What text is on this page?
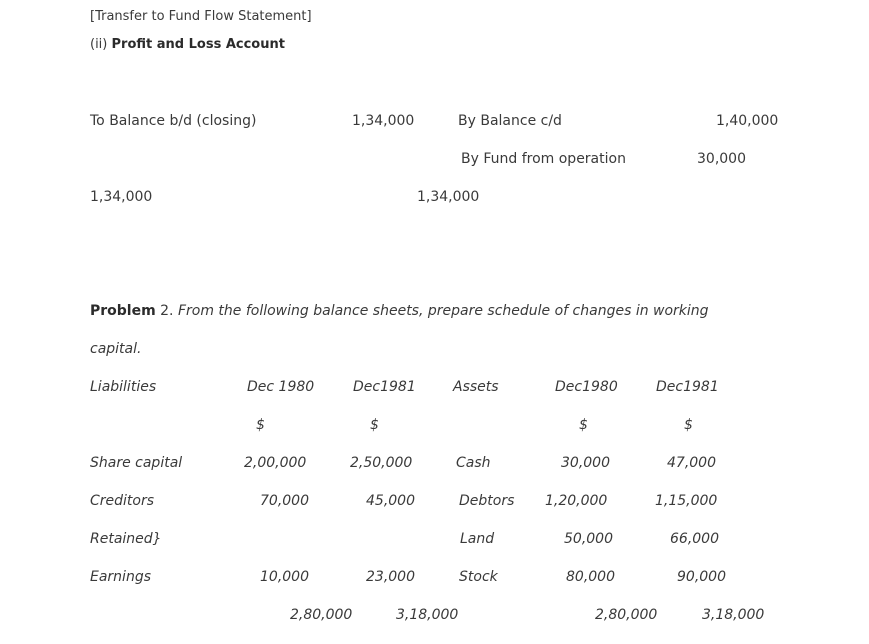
[Transfer to Fund Flow Statement]
(ii) Profit and Loss Account
To Balance b/d (closing)	1,34,000	By Balance c/d	1,40,000
By Fund from operation	30,000
1,34,000	1,34,000
Problem 2. From the following balance sheets, prepare schedule of changes in working
capital.
Liabilities	Dec 1980	Dec1981	Assets	Dec1980	Dec1981
$	$	$	$
Share capital	2,00,000	2,50,000	Cash	30,000	47,000
Creditors	70,000	45,000	Debtors 1,20,000	1,15,000
Retained}	Land	50,000	66,000
Earnings	10,000	23,000	Stock	80,000	90,000
2,80,000	3,18,000	2,80,000	3,18,000
